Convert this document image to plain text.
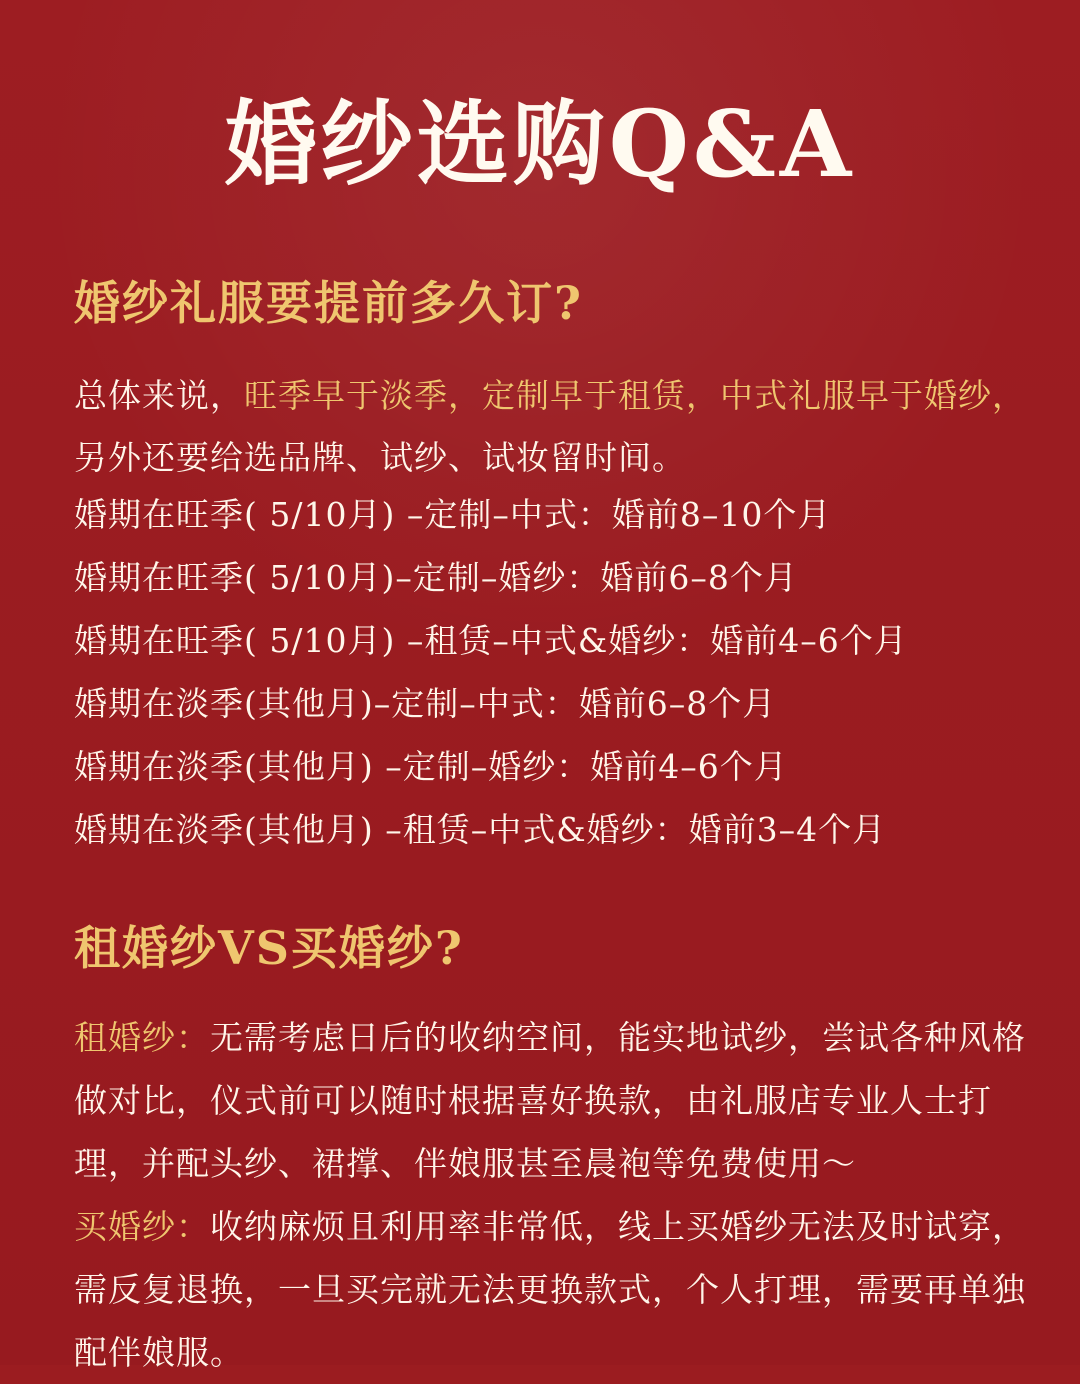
婚纱选购Q&A
婚纱礼服要提前多久订?
总体来说，旺季早于淡季，定制早于租赁，中式礼服早于婚纱，另外还要给选品牌、试纱、试妆留时间。
婚期在旺季( 5/10月) –定制–中式：婚前8–10个月
婚期在旺季( 5/10月)–定制–婚纱：婚前6–8个月
婚期在旺季( 5/10月) –租赁–中式&婚纱：婚前4–6个月
婚期在淡季(其他月)–定制–中式：婚前6–8个月
婚期在淡季(其他月) –定制–婚纱：婚前4–6个月
婚期在淡季(其他月) –租赁–中式&婚纱：婚前3–4个月
租婚纱VS买婚纱?

租婚纱：无需考虑日后的收纳空间，能实地试纱，尝试各种风格做对比，仪式前可以随时根据喜好换款，由礼服店专业人士打理，并配头纱、裙撑、伴娘服甚至晨袍等免费使用～

买婚纱：收纳麻烦且利用率非常低，线上买婚纱无法及时试穿，需反复退换，一旦买完就无法更换款式，个人打理，需要再单独配伴娘服。
